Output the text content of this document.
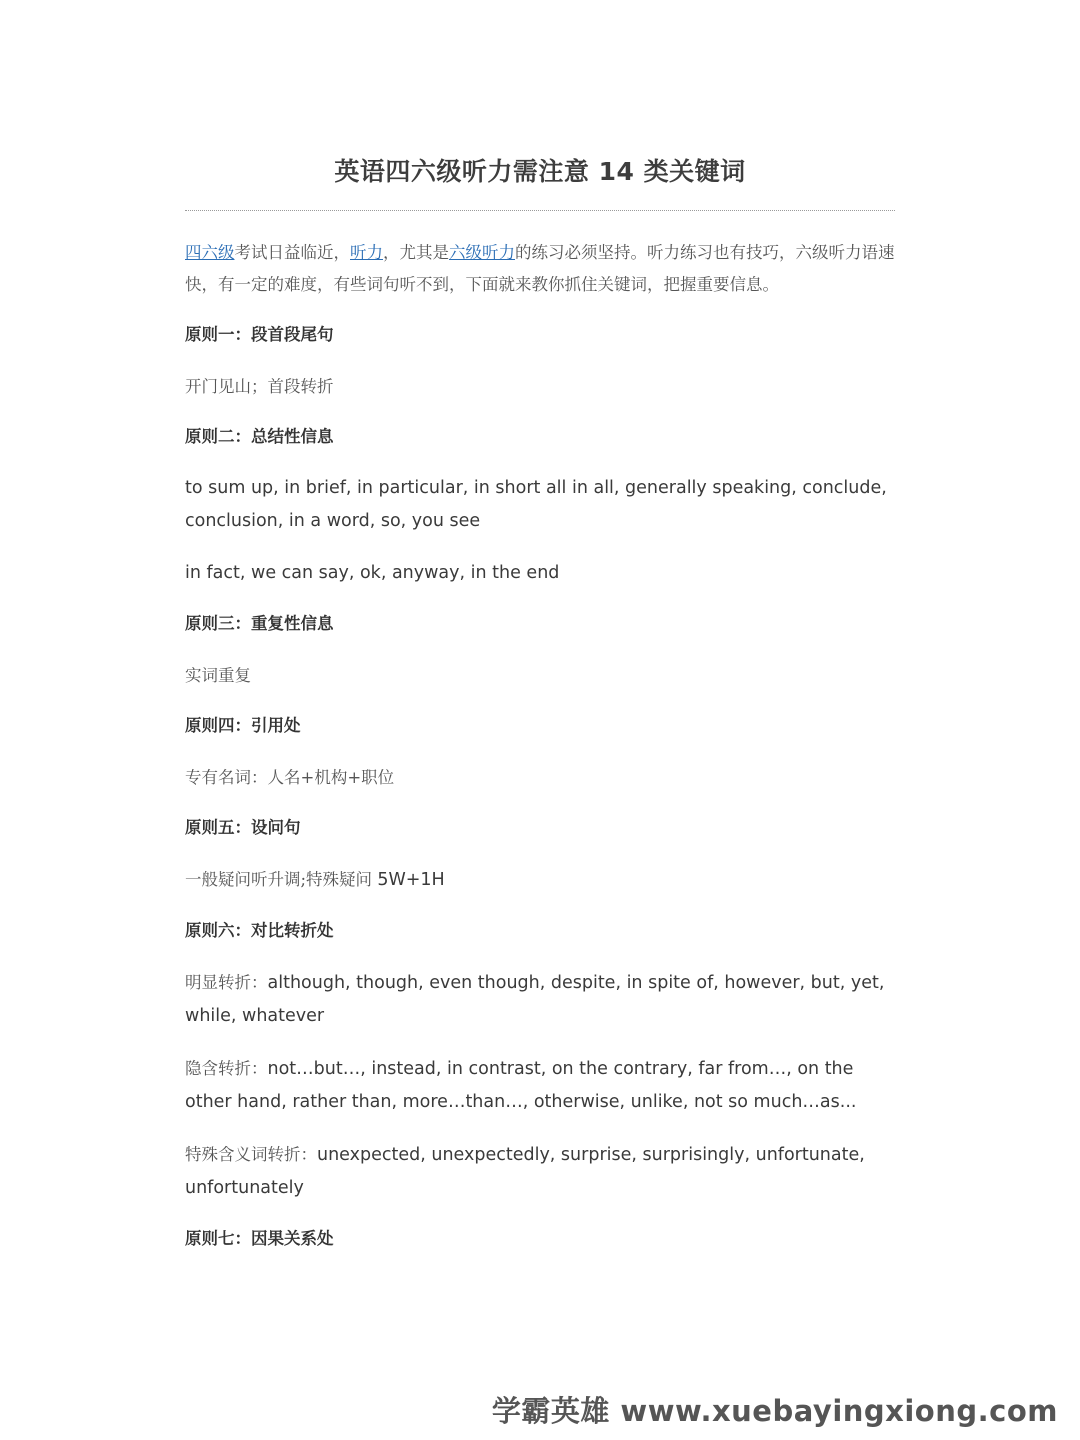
英语四六级听力需注意 14 类关键词

四六级考试日益临近，听力，尤其是六级听力的练习必须坚持。听力练习也有技巧，六级听力语速快，有一定的难度，有些词句听不到，下面就来教你抓住关键词，把握重要信息。

原则一：段首段尾句

开门见山；首段转折

原则二：总结性信息

to sum up, in brief, in particular, in short all in all, generally speaking, conclude, conclusion, in a word, so, you see

in fact, we can say, ok, anyway, in the end

原则三：重复性信息

实词重复

原则四：引用处

专有名词：人名+机构+职位

原则五：设问句

一般疑问听升调;特殊疑问 5W+1H

原则六：对比转折处

明显转折：although, though, even though, despite, in spite of, however, but, yet, while, whatever

隐含转折：not…but…, instead, in contrast, on the contrary, far from…, on the other hand, rather than, more…than…, otherwise, unlike, not so much…as...

特殊含义词转折：unexpected, unexpectedly, surprise, surprisingly, unfortunate, unfortunately

原则七：因果关系处

学霸英雄 www.xuebayingxiong.com
